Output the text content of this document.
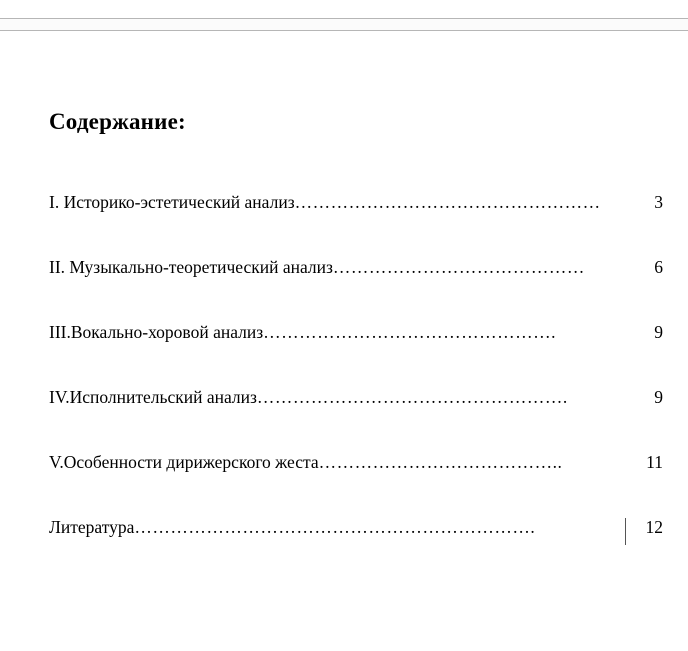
Содержание:
I. Историко-эстетический анализ ……………………………………………	3
II. Музыкально-теоретический анализ ……………………………………	6
III.Вокально-хоровой анализ ………………………………………….	9
IV.Исполнительский анализ …………………………………………….	9
V.Особенности дирижерского жеста …………………………………..	11
Литература ………………………………………………………….	12
